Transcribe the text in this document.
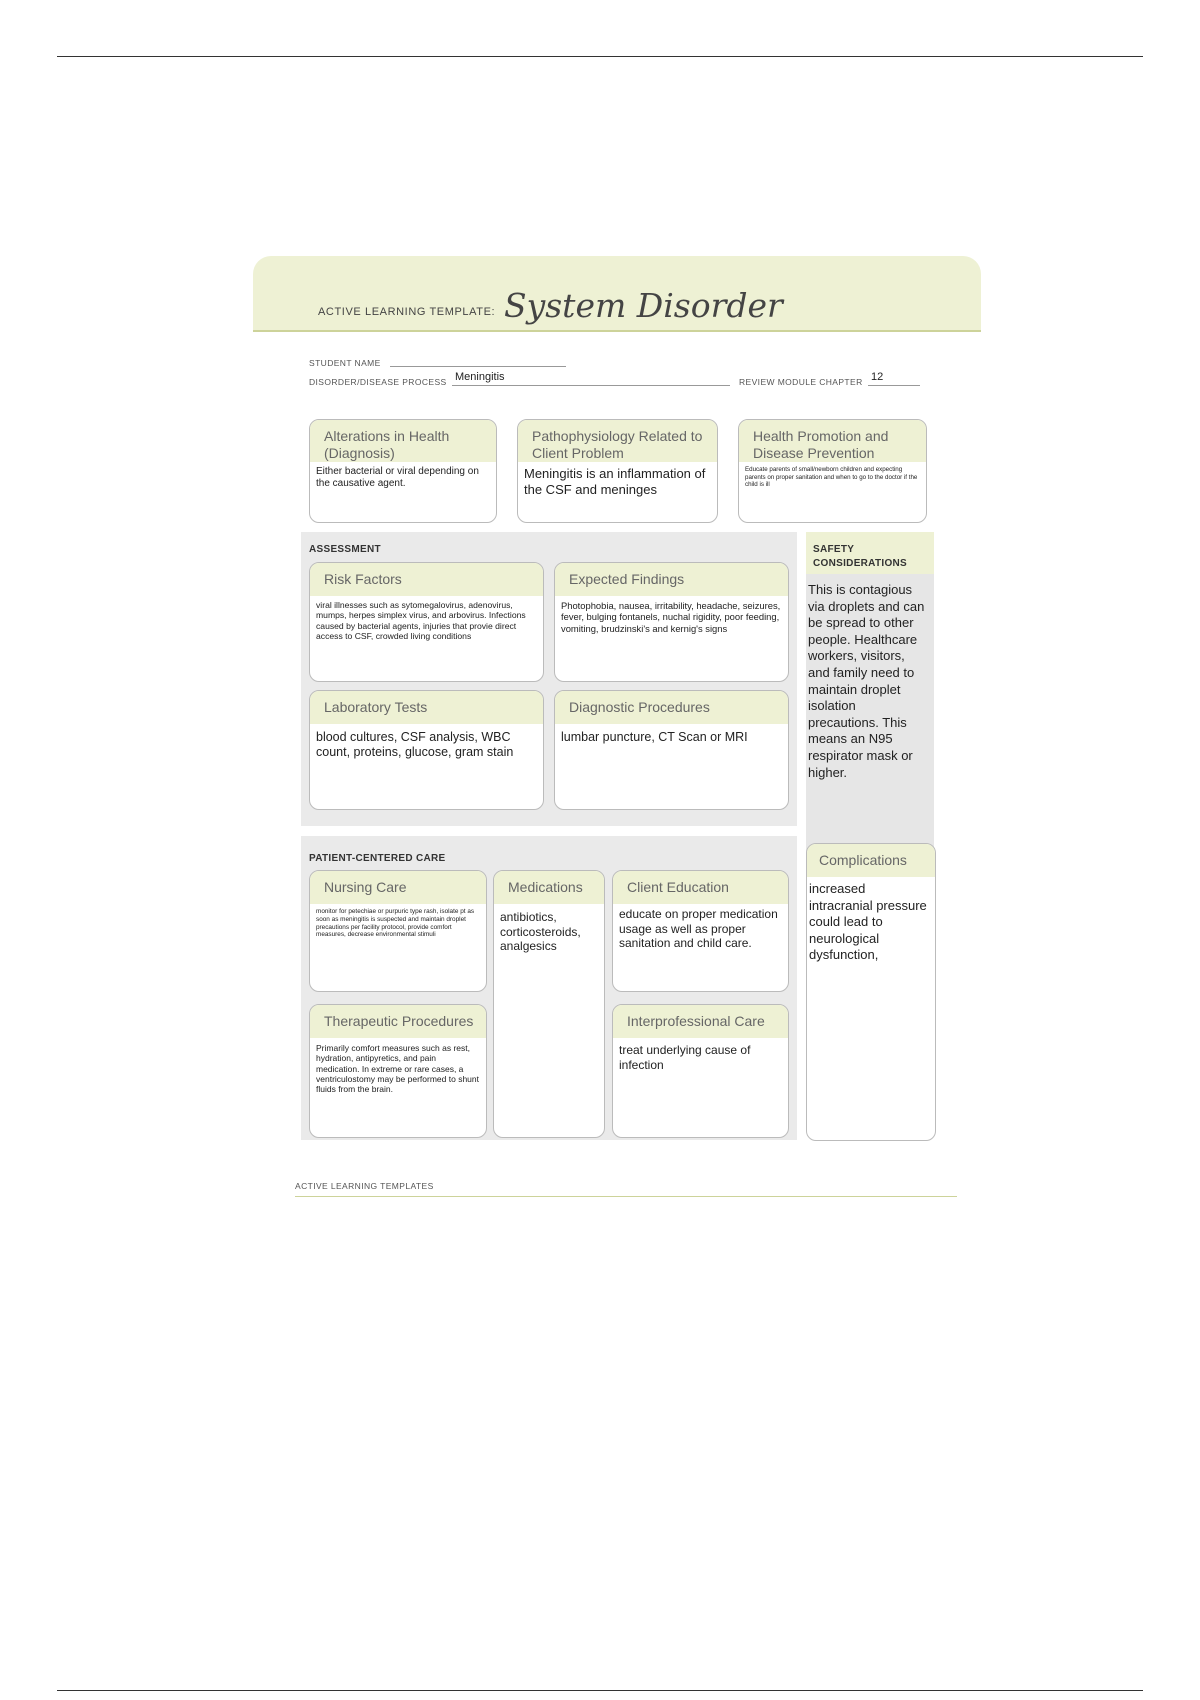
ACTIVE LEARNING TEMPLATE: System Disorder
STUDENT NAME
DISORDER/DISEASE PROCESS Meningitis	REVIEW MODULE CHAPTER 12
Alterations in Health (Diagnosis)
Either bacterial or viral depending on the causative agent.
Pathophysiology Related to Client Problem
Meningitis is an inflammation of the CSF and meninges
Health Promotion and Disease Prevention
Educate parents of small/newborn children and expecting parents on proper sanitation and when to go to the doctor if the child is ill
ASSESSMENT
Risk Factors
viral illnesses such as sytomegalovirus, adenovirus, mumps, herpes simplex virus, and arbovirus. Infections caused by bacterial agents, injuries that provie direct access to CSF, crowded living conditions
Expected Findings
Photophobia, nausea, irritability, headache, seizures, fever, bulging fontanels, nuchal rigidity, poor feeding, vomiting, brudzinski's and kernig's signs
Laboratory Tests
blood cultures, CSF analysis, WBC count, proteins, glucose, gram stain
Diagnostic Procedures
lumbar puncture, CT Scan or MRI
SAFETY CONSIDERATIONS
This is contagious via droplets and can be spread to other people. Healthcare workers, visitors, and family need to maintain droplet isolation precautions. This means an N95 respirator mask or higher.
PATIENT-CENTERED CARE
Nursing Care
monitor for petechiae or purpuric type rash, isolate pt as soon as meningitis is suspected and maintain droplet precautions per facility protocol, provide comfort measures, decrease environmental stimuli
Medications
antibiotics, corticosteroids, analgesics
Client Education
educate on proper medication usage as well as proper sanitation and child care.
Therapeutic Procedures
Primarily comfort measures such as rest, hydration, antipyretics, and pain medication. In extreme or rare cases, a ventriculostomy may be performed to shunt fluids from the brain.
Interprofessional Care
treat underlying cause of infection
Complications
increased intracranial pressure could lead to neurological dysfunction,
ACTIVE LEARNING TEMPLATES
